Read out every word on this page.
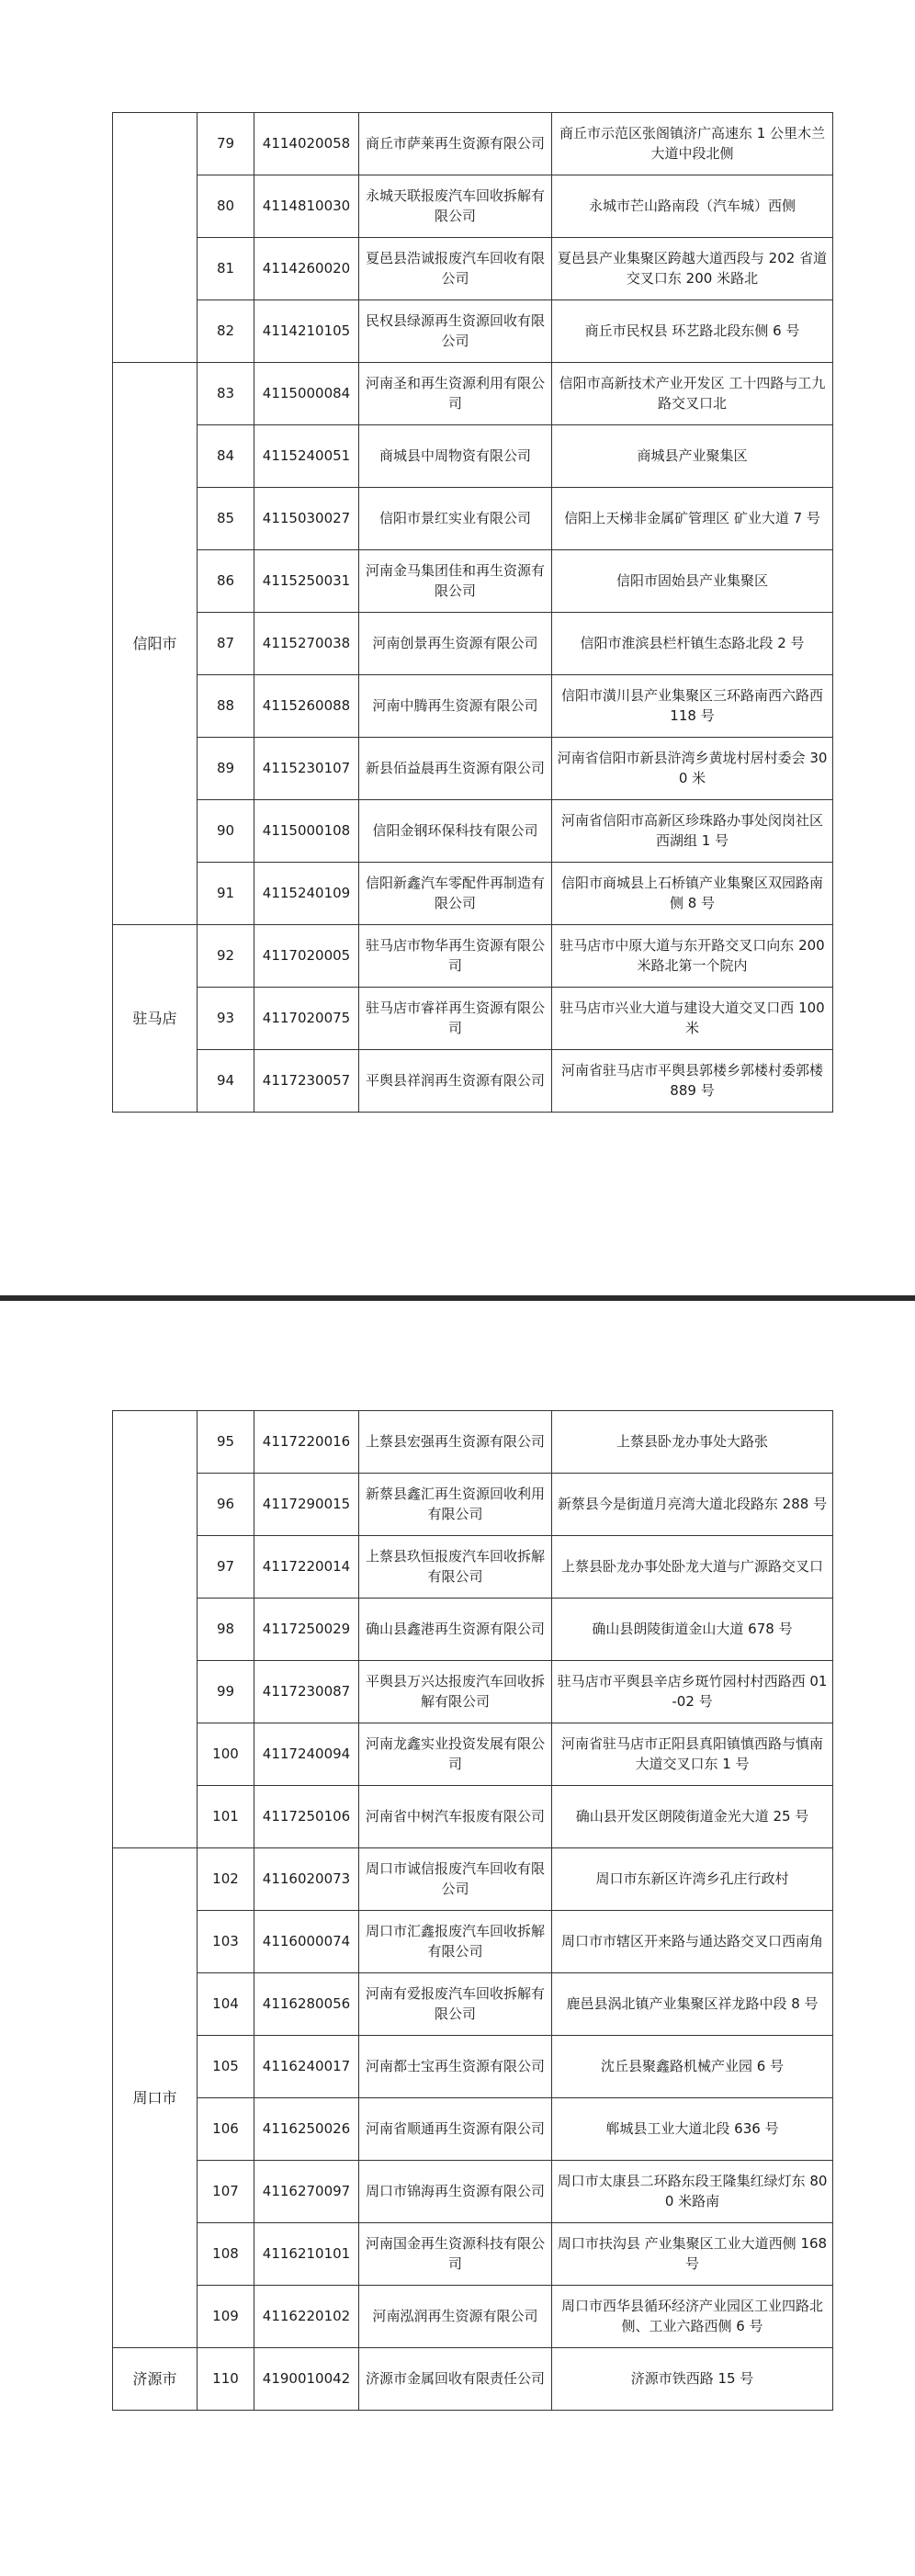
	79	4114020058	商丘市萨莱再生资源有限公司	商丘市示范区张阁镇济广高速东 1 公里木兰大道中段北侧
	80	4114810030	永城天联报废汽车回收拆解有限公司	永城市芒山路南段（汽车城）西侧
	81	4114260020	夏邑县浩诚报废汽车回收有限公司	夏邑县产业集聚区跨越大道西段与 202 省道交叉口东 200 米路北
	82	4114210105	民权县绿源再生资源回收有限公司	商丘市民权县 环艺路北段东侧 6 号
信阳市	83	4115000084	河南圣和再生资源利用有限公司	信阳市高新技术产业开发区 工十四路与工九路交叉口北
	84	4115240051	商城县中周物资有限公司	商城县产业聚集区
	85	4115030027	信阳市景红实业有限公司	信阳上天梯非金属矿管理区 矿业大道 7 号
	86	4115250031	河南金马集团佳和再生资源有限公司	信阳市固始县产业集聚区
	87	4115270038	河南创景再生资源有限公司	信阳市淮滨县栏杆镇生态路北段 2 号
	88	4115260088	河南中腾再生资源有限公司	信阳市潢川县产业集聚区三环路南西六路西 118 号
	89	4115230107	新县佰益晨再生资源有限公司	河南省信阳市新县浒湾乡黄垅村居村委会 300 米
	90	4115000108	信阳金钢环保科技有限公司	河南省信阳市高新区珍珠路办事处闵岗社区西湖组 1 号
	91	4115240109	信阳新鑫汽车零配件再制造有限公司	信阳市商城县上石桥镇产业集聚区双园路南侧 8 号
驻马店	92	4117020005	驻马店市物华再生资源有限公司	驻马店市中原大道与东开路交叉口向东 200 米路北第一个院内
	93	4117020075	驻马店市睿祥再生资源有限公司	驻马店市兴业大道与建设大道交叉口西 100 米
	94	4117230057	平舆县祥润再生资源有限公司	河南省驻马店市平舆县郭楼乡郭楼村委郭楼 889 号
	95	4117220016	上蔡县宏强再生资源有限公司	上蔡县卧龙办事处大路张
	96	4117290015	新蔡县鑫汇再生资源回收利用有限公司	新蔡县今是街道月亮湾大道北段路东 288 号
	97	4117220014	上蔡县玖恒报废汽车回收拆解有限公司	上蔡县卧龙办事处卧龙大道与广源路交叉口
	98	4117250029	确山县鑫港再生资源有限公司	确山县朗陵街道金山大道 678 号
	99	4117230087	平舆县万兴达报废汽车回收拆解有限公司	驻马店市平舆县辛店乡斑竹园村村西路西 01-02 号
	100	4117240094	河南龙鑫实业投资发展有限公司	河南省驻马店市正阳县真阳镇慎西路与慎南大道交叉口东 1 号
	101	4117250106	河南省中树汽车报废有限公司	确山县开发区朗陵街道金光大道 25 号
周口市	102	4116020073	周口市诚信报废汽车回收有限公司	周口市东新区许湾乡孔庄行政村
	103	4116000074	周口市汇鑫报废汽车回收拆解有限公司	周口市市辖区开来路与通达路交叉口西南角
	104	4116280056	河南有爱报废汽车回收拆解有限公司	鹿邑县涡北镇产业集聚区祥龙路中段 8 号
	105	4116240017	河南都士宝再生资源有限公司	沈丘县聚鑫路机械产业园 6 号
	106	4116250026	河南省顺通再生资源有限公司	郸城县工业大道北段 636 号
	107	4116270097	周口市锦海再生资源有限公司	周口市太康县二环路东段王隆集红绿灯东 800 米路南
	108	4116210101	河南国金再生资源科技有限公司	周口市扶沟县 产业集聚区工业大道西侧 168 号
	109	4116220102	河南泓润再生资源有限公司	周口市西华县循环经济产业园区工业四路北侧、工业六路西侧 6 号
济源市	110	4190010042	济源市金属回收有限责任公司	济源市铁西路 15 号
